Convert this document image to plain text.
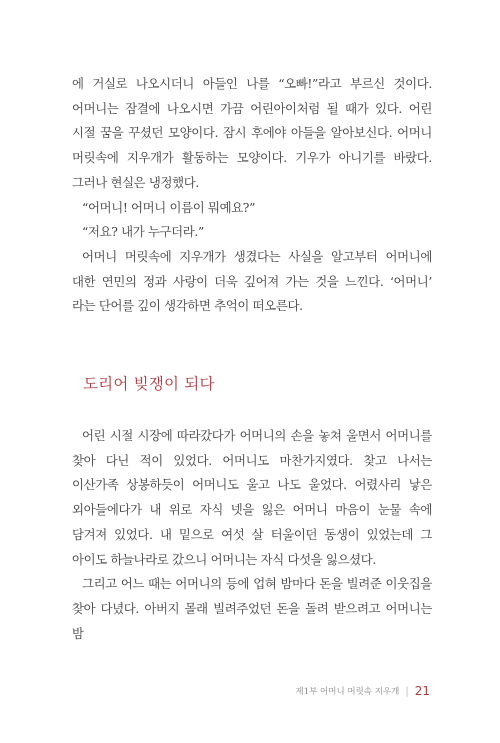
에 거실로 나오시더니 아들인 나를 “오빠!”라고 부르신 것이다. 어머니는 잠결에 나오시면 가끔 어린아이처럼 될 때가 있다. 어린 시절 꿈을 꾸셨던 모양이다. 잠시 후에야 아들을 알아보신다. 어머니 머릿속에 지우개가 활동하는 모양이다. 기우가 아니기를 바랐다. 그러나 현실은 냉정했다.

“어머니! 어머니 이름이 뭐예요?”

“저요? 내가 누구더라.”

어머니 머릿속에 지우개가 생겼다는 사실을 알고부터 어머니에 대한 연민의 정과 사랑이 더욱 깊어져 가는 것을 느낀다. ‘어머니’ 라는 단어를 깊이 생각하면 추억이 떠오른다.

도리어 빚쟁이 되다

어린 시절 시장에 따라갔다가 어머니의 손을 놓쳐 울면서 어머니를 찾아 다닌 적이 있었다. 어머니도 마찬가지였다. 찾고 나서는 이산가족 상봉하듯이 어머니도 울고 나도 울었다. 어렸사리 낳은 외아들에다가 내 위로 자식 넷을 잃은 어머니 마음이 눈물 속에 담겨져 있었다. 내 밑으로 여섯 살 터울이던 동생이 있었는데 그 아이도 하늘나라로 갔으니 어머니는 자식 다섯을 잃으셨다.

그리고 어느 때는 어머니의 등에 업혀 밤마다 돈을 빌려준 이웃집을 찾아 다녔다. 아버지 몰래 빌려주었던 돈을 돌려 받으려고 어머니는 밤

제1부 어머니 머릿속 지우개 | 21
